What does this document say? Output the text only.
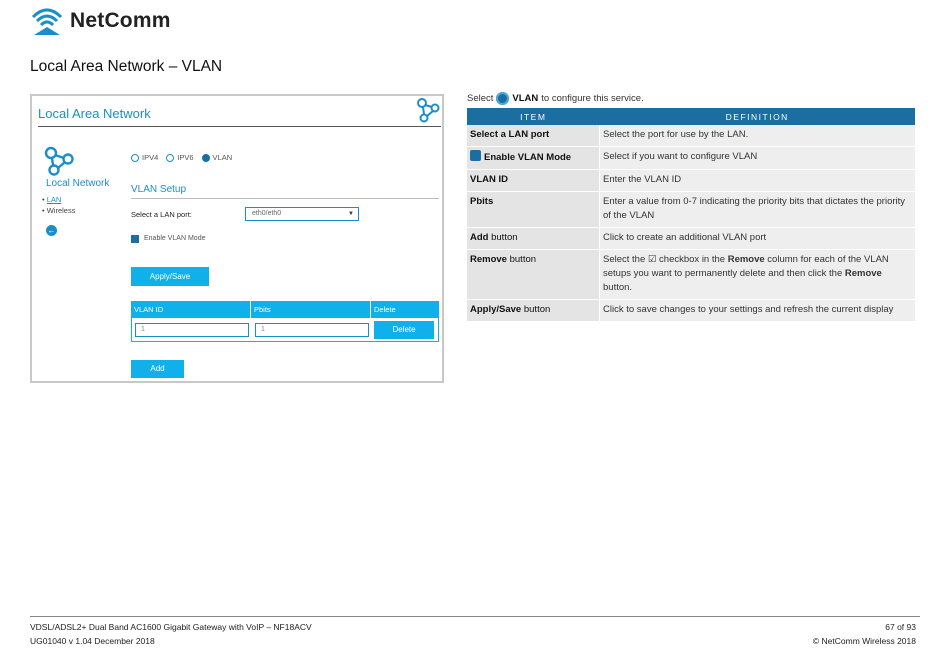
NetComm
Local Area Network – VLAN
Local Area Network
Local Network
• LAN
• Wireless
←
IPV4	IPV6	VLAN
VLAN Setup
Select a LAN port:	eth0/eth0	▼
Enable VLAN Mode
Apply/Save
VLAN ID	Pbits	Delete
1	1	Delete
Add
Select VLAN to configure this service.
ITEM	DEFINITION
Select a LAN port	Select the port for use by the LAN.
Enable VLAN Mode	Select if you want to configure VLAN
VLAN ID	Enter the VLAN ID
Pbits	Enter a value from 0-7 indicating the priority bits that dictates the priority of the VLAN
Add button	Click to create an additional VLAN port
Remove button	Select the ☑ checkbox in the Remove column for each of the VLAN setups you want to permanently delete and then click the Remove button.
Apply/Save button	Click to save changes to your settings and refresh the current display
VDSL/ADSL2+ Dual Band AC1600 Gigabit Gateway with VoIP – NF18ACV
UG01040 v 1.04 December 2018
67 of 93
© NetComm Wireless 2018
